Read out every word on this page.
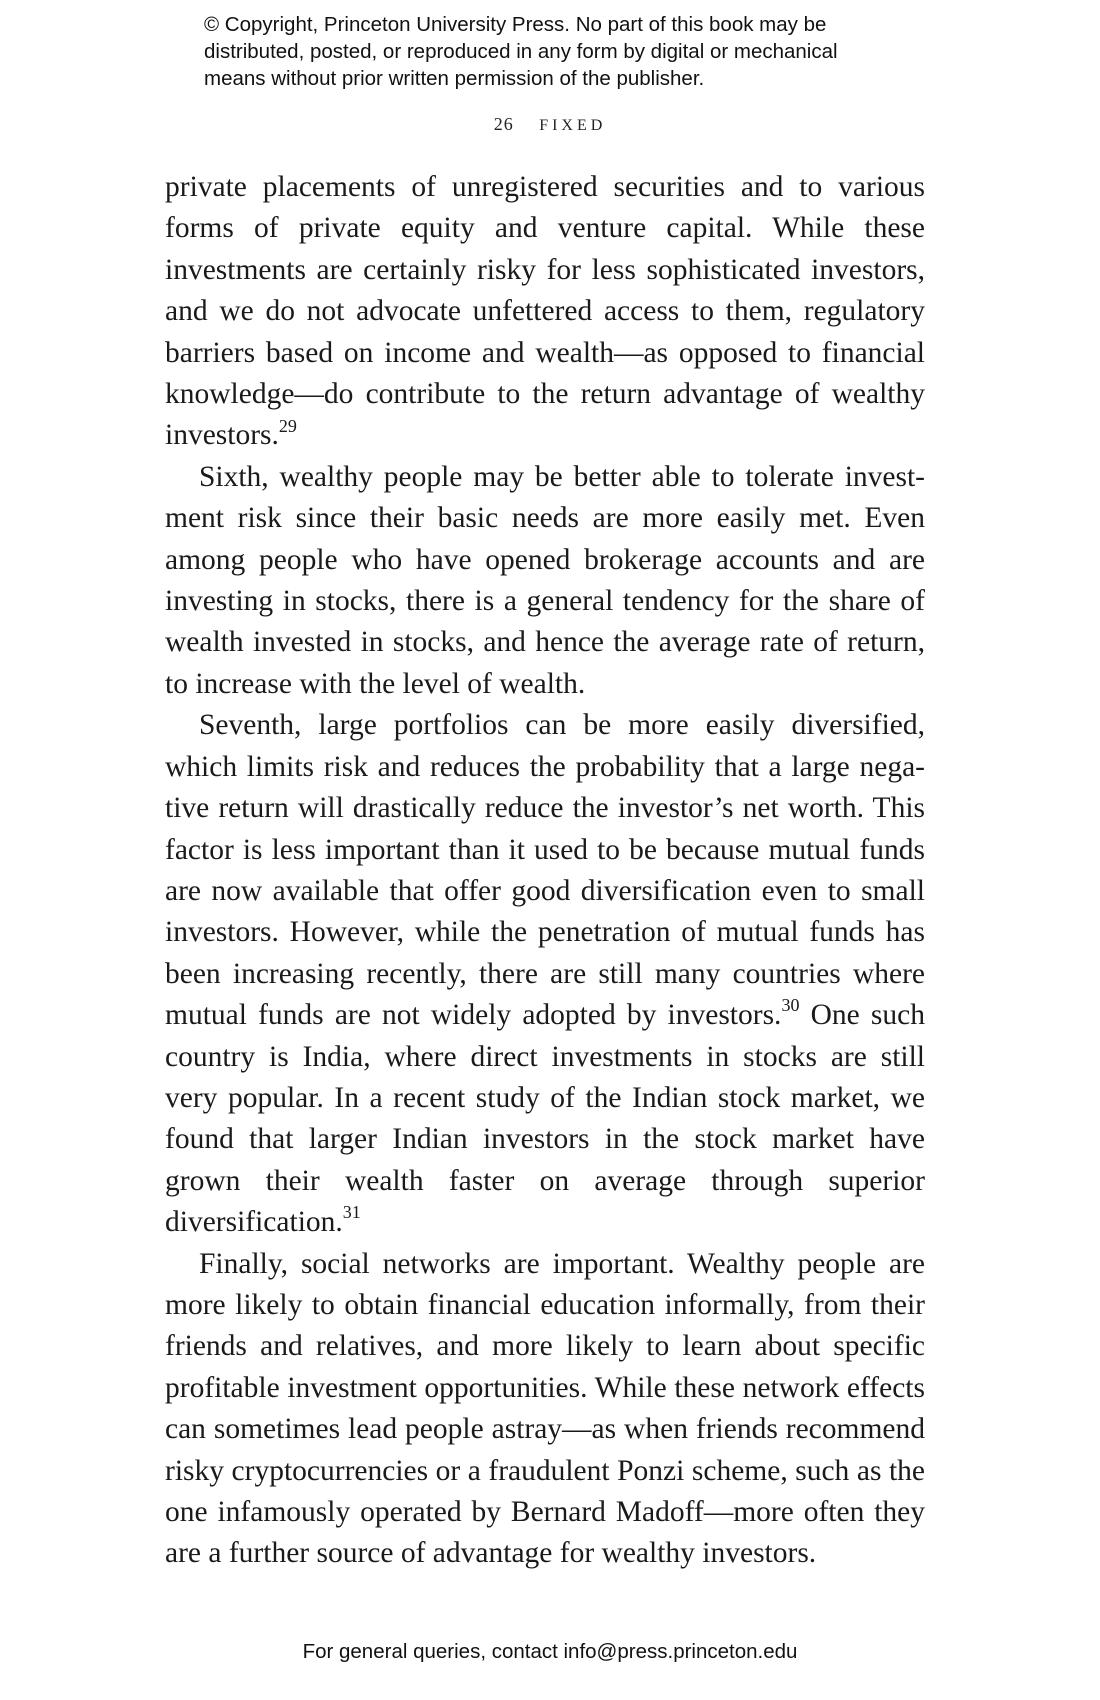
© Copyright, Princeton University Press. No part of this book may be
distributed, posted, or reproduced in any form by digital or mechanical
means without prior written permission of the publisher.
26 FIXED

private placements of unregistered securities and to various forms of private equity and venture capital. While these investments are certainly risky for less sophisticated investors, and we do not advocate unfettered access to them, regulatory barriers based on income and wealth—as opposed to financial knowledge—do contribute to the return advantage of wealthy investors.$^{29}$

Sixth, wealthy people may be better able to tolerate investment risk since their basic needs are more easily met. Even among people who have opened brokerage accounts and are investing in stocks, there is a general tendency for the share of wealth invested in stocks, and hence the average rate of return, to increase with the level of wealth.

Seventh, large portfolios can be more easily diversified, which limits risk and reduces the probability that a large negative return will drastically reduce the investor’s net worth. This factor is less important than it used to be because mutual funds are now available that offer good diversification even to small investors. However, while the penetration of mutual funds has been increasing recently, there are still many countries where mutual funds are not widely adopted by investors.$^{30}$ One such country is India, where direct investments in stocks are still very popular. In a recent study of the Indian stock market, we found that larger Indian investors in the stock market have grown their wealth faster on average through superior diversification.$^{31}$

Finally, social networks are important. Wealthy people are more likely to obtain financial education informally, from their friends and relatives, and more likely to learn about specific profitable investment opportunities. While these network effects can sometimes lead people astray—as when friends recommend risky cryptocurrencies or a fraudulent Ponzi scheme, such as the one infamously operated by Bernard Madoff—more often they are a further source of advantage for wealthy investors.

For general queries, contact info@press.princeton.edu
